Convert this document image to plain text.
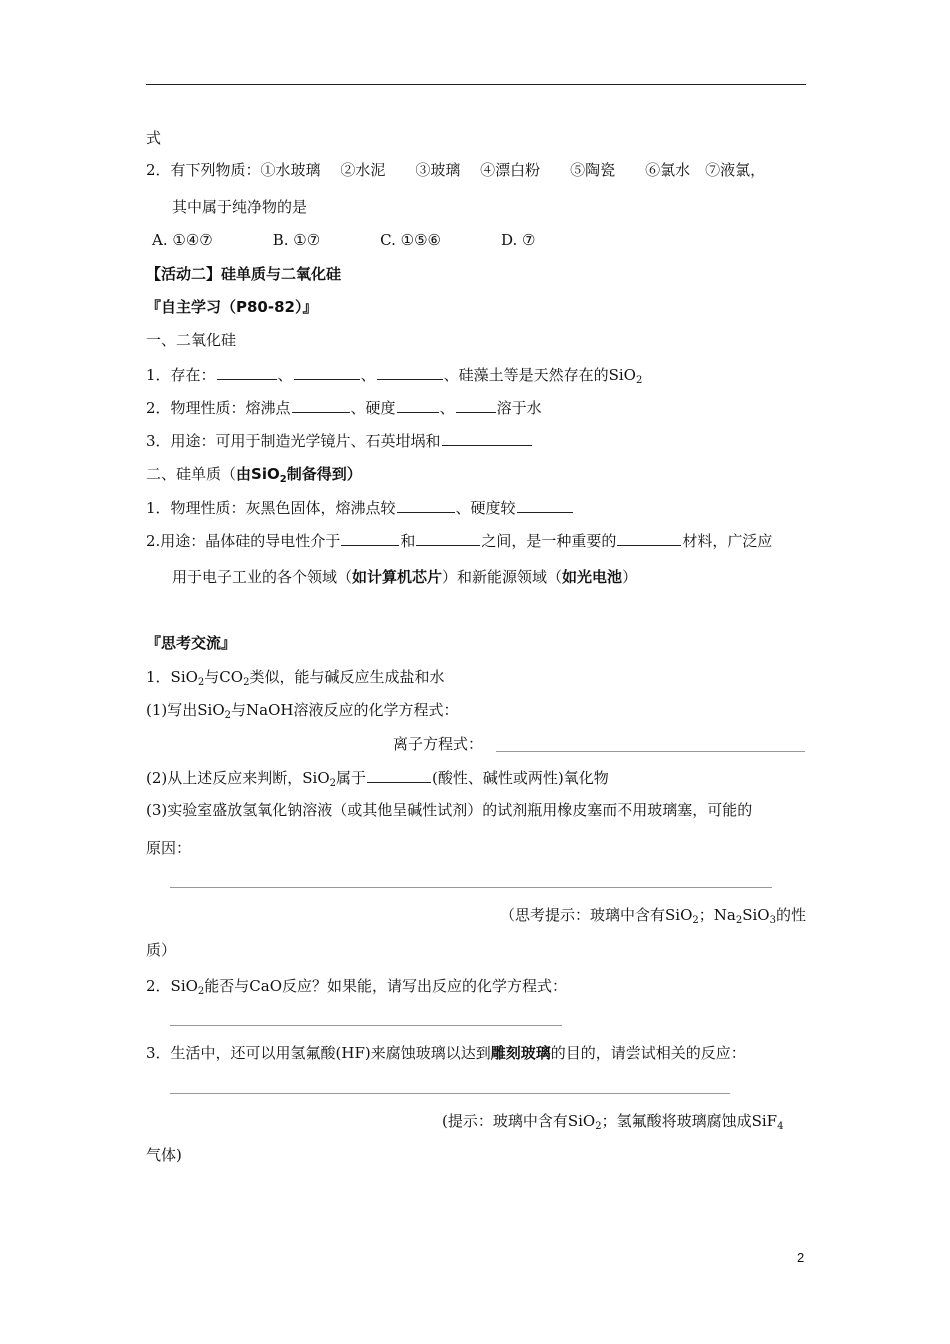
式
2．有下列物质：①水玻璃　 ②水泥　　③玻璃　 ④漂白粉　　⑤陶瓷　　⑥氯水　⑦液氯，
其中属于纯净物的是
A. ①④⑦　　　　B. ①⑦　　　　C. ①⑤⑥　　　　D. ⑦
【活动二】硅单质与二氧化硅
『自主学习（P80-82）』
一、二氧化硅
1．存在：	、	、	、硅藻土等是天然存在的SiO$_2$
2．物理性质：熔沸点	、硬度	、	溶于水
3．用途：可用于制造光学镜片、石英坩埚和
二、硅单质（由SiO$_2$制备得到）
1．物理性质：灰黑色固体，熔沸点较	、硬度较
2.用途：晶体硅的导电性介于	和	之间，是一种重要的	材料，广泛应
用于电子工业的各个领域（如计算机芯片）和新能源领域（如光电池）
『思考交流』
1．SiO$_2$与$CO_2$类似，能与碱反应生成盐和水
(1)写出SiO$_2$与NaOH溶液反应的化学方程式：
离子方程式：
(2)从上述反应来判断，SiO$_2$属于	(酸性、碱性或两性)氧化物
(3)实验室盛放氢氧化钠溶液（或其他呈碱性试剂）的试剂瓶用橡皮塞而不用玻璃塞，可能的
原因：
（思考提示：玻璃中含有SiO$_2$；$Na_2SiO_3$的性
质）
2．SiO$_2$能否与CaO反应？如果能，请写出反应的化学方程式：
3．生活中，还可以用氢氟酸(HF)来腐蚀玻璃以达到雕刻玻璃的目的，请尝试相关的反应：
(提示：玻璃中含有SiO$_2$；氢氟酸将玻璃腐蚀成SiF$_4$
气体)
2
